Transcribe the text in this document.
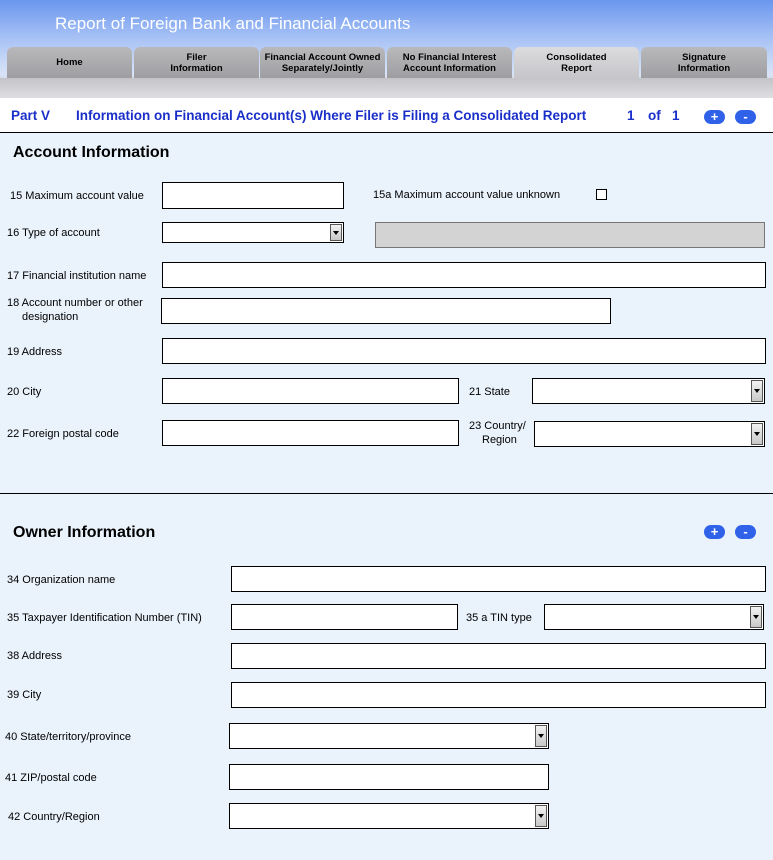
Report of Foreign Bank and Financial Accounts
Home	Filer
Information
Financial Account Owned
Separately/Jointly
No Financial Interest
Account Information
Consolidated
Report
Signature
Information
Part V Information on Financial Account(s) Where Filer is Filing a Consolidated Report	1 of 1	+	-
Account Information
15 Maximum account value	15a Maximum account value unknown
16 Type of account
17 Financial institution name
18 Account number or other
designation
19 Address
20 City	21 State
22 Foreign postal code
23 Country/
Region
Owner Information	+	-
34 Organization name
35 Taxpayer Identification Number (TIN)	35 a TIN type
38 Address
39 City
40 State/territory/province
41 ZIP/postal code
42 Country/Region
